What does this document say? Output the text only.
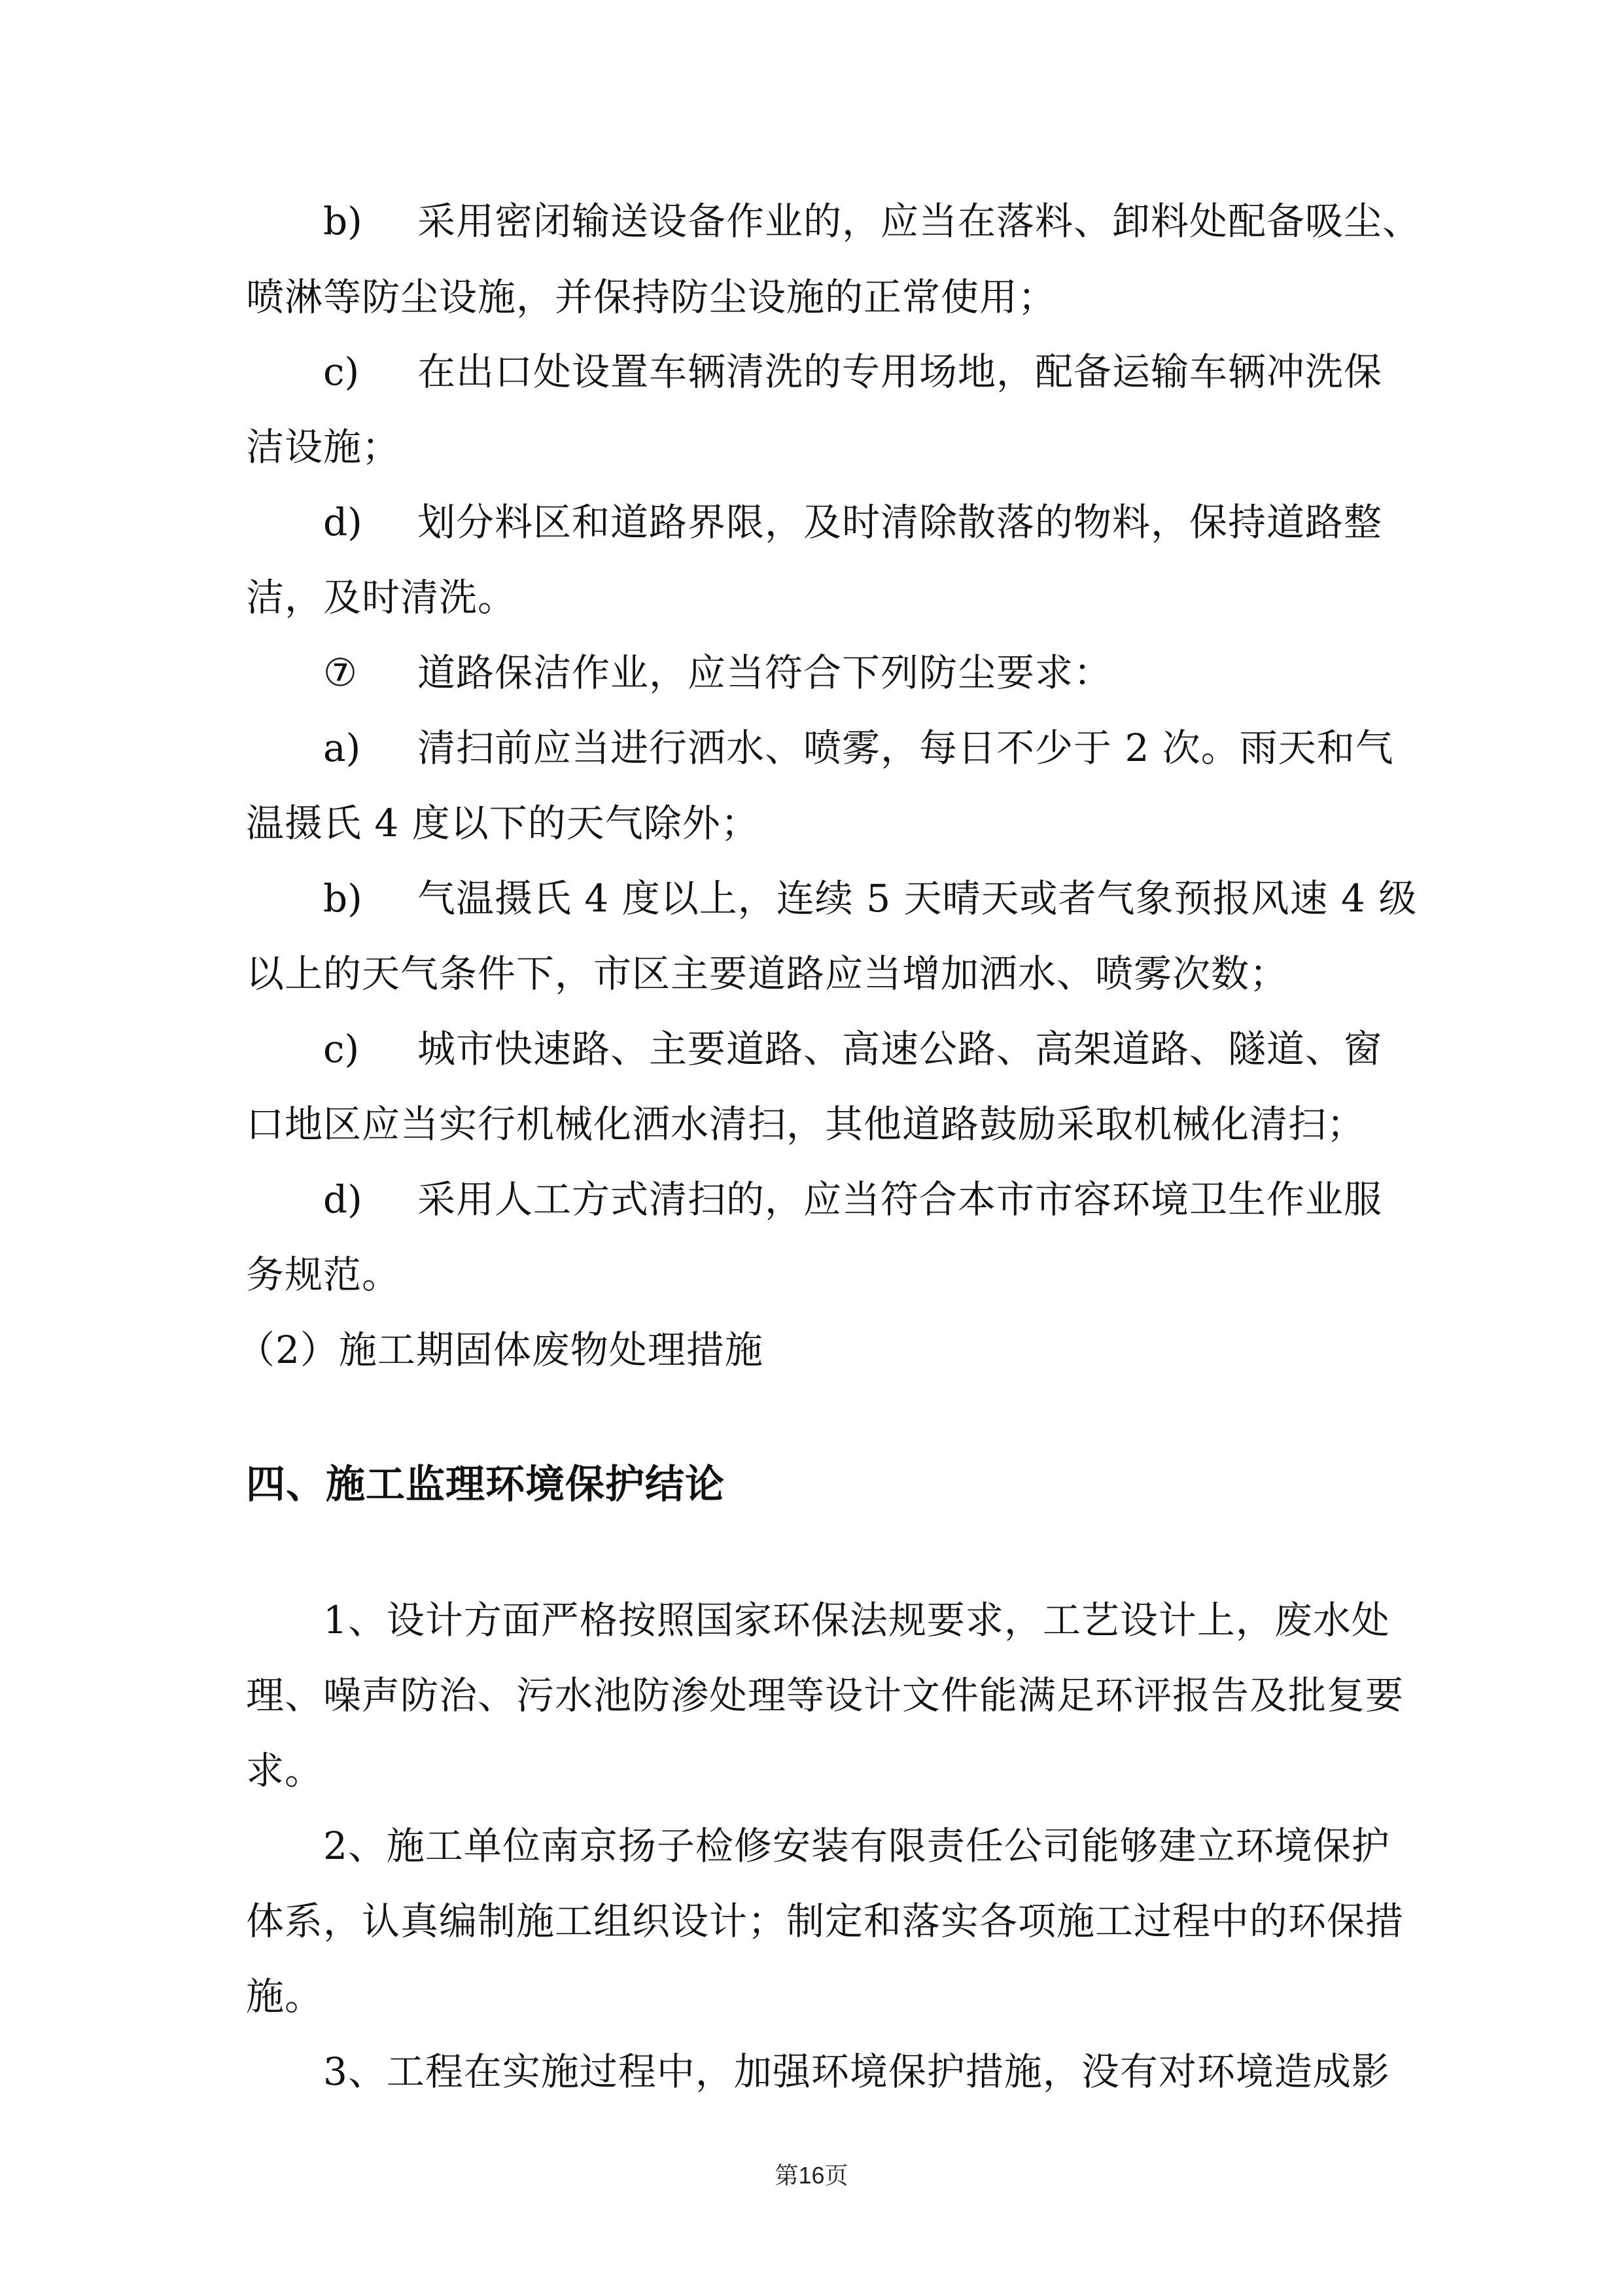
b) 采用密闭输送设备作业的，应当在落料、卸料处配备吸尘、
喷淋等防尘设施，并保持防尘设施的正常使用；
c) 在出口处设置车辆清洗的专用场地，配备运输车辆冲洗保
洁设施；
d) 划分料区和道路界限，及时清除散落的物料，保持道路整
洁，及时清洗。
⑦ 道路保洁作业，应当符合下列防尘要求：
a) 清扫前应当进行洒水、喷雾，每日不少于 2 次。雨天和气
温摄氏 4 度以下的天气除外；
b) 气温摄氏 4 度以上，连续 5 天晴天或者气象预报风速 4 级
以上的天气条件下，市区主要道路应当增加洒水、喷雾次数；
c) 城市快速路、主要道路、高速公路、高架道路、隧道、窗
口地区应当实行机械化洒水清扫，其他道路鼓励采取机械化清扫；
d) 采用人工方式清扫的，应当符合本市市容环境卫生作业服
务规范。
（2）施工期固体废物处理措施
四、施工监理环境保护结论
1、设计方面严格按照国家环保法规要求，工艺设计上，废水处
理、噪声防治、污水池防渗处理等设计文件能满足环评报告及批复要
求。
2、施工单位南京扬子检修安装有限责任公司能够建立环境保护
体系，认真编制施工组织设计；制定和落实各项施工过程中的环保措
施。
3、工程在实施过程中，加强环境保护措施，没有对环境造成影
第16页
